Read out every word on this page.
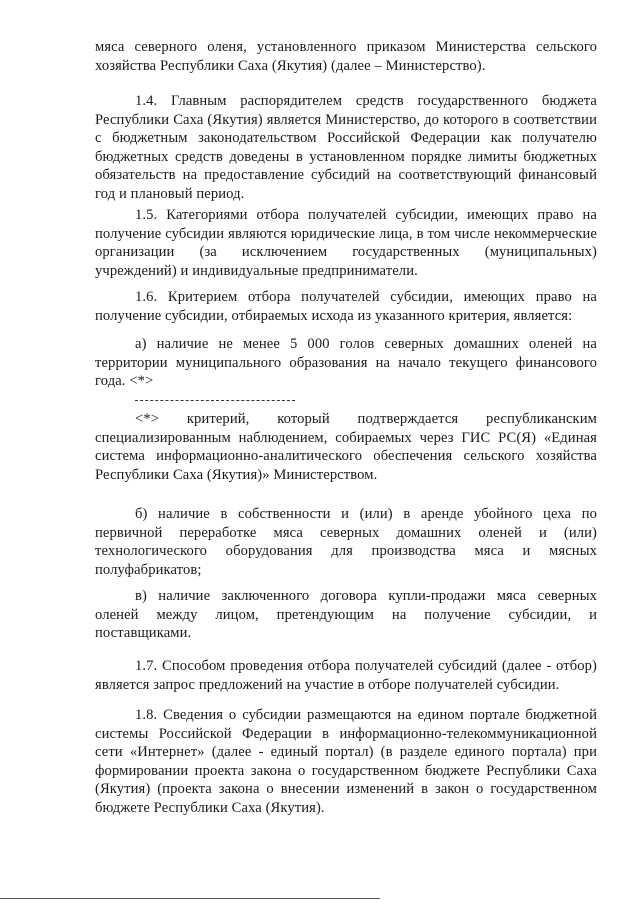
мяса северного оленя, установленного приказом Министерства сельского хозяйства Республики Саха (Якутия) (далее – Министерство).

1.4. Главным распорядителем средств государственного бюджета Республики Саха (Якутия) является Министерство, до которого в соответствии с бюджетным законодательством Российской Федерации как получателю бюджетных средств доведены в установленном порядке лимиты бюджетных обязательств на предоставление субсидий на соответствующий финансовый год и плановый период.

1.5. Категориями отбора получателей субсидии, имеющих право на получение субсидии являются юридические лица, в том числе некоммерческие организации (за исключением государственных (муниципальных) учреждений) и индивидуальные предприниматели.

1.6. Критерием отбора получателей субсидии, имеющих право на получение субсидии, отбираемых исхода из указанного критерия, является:

а) наличие не менее 5 000 голов северных домашних оленей на территории муниципального образования на начало текущего финансового года. <*>

<*> критерий, который подтверждается республиканским специализированным наблюдением, собираемых через ГИС РС(Я) «Единая система информационно-аналитического обеспечения сельского хозяйства Республики Саха (Якутия)» Министерством.

б) наличие в собственности и (или) в аренде убойного цеха по первичной переработке мяса северных домашних оленей и (или) технологического оборудования для производства мяса и мясных полуфабрикатов;

в) наличие заключенного договора купли-продажи мяса северных оленей между лицом, претендующим на получение субсидии, и поставщиками.

1.7. Способом проведения отбора получателей субсидий (далее - отбор) является запрос предложений на участие в отборе получателей субсидии.

1.8. Сведения о субсидии размещаются на едином портале бюджетной системы Российской Федерации в информационно-телекоммуникационной сети «Интернет» (далее - единый портал) (в разделе единого портала) при формировании проекта закона о государственном бюджете Республики Саха (Якутия) (проекта закона о внесении изменений в закон о государственном бюджете Республики Саха (Якутия).
